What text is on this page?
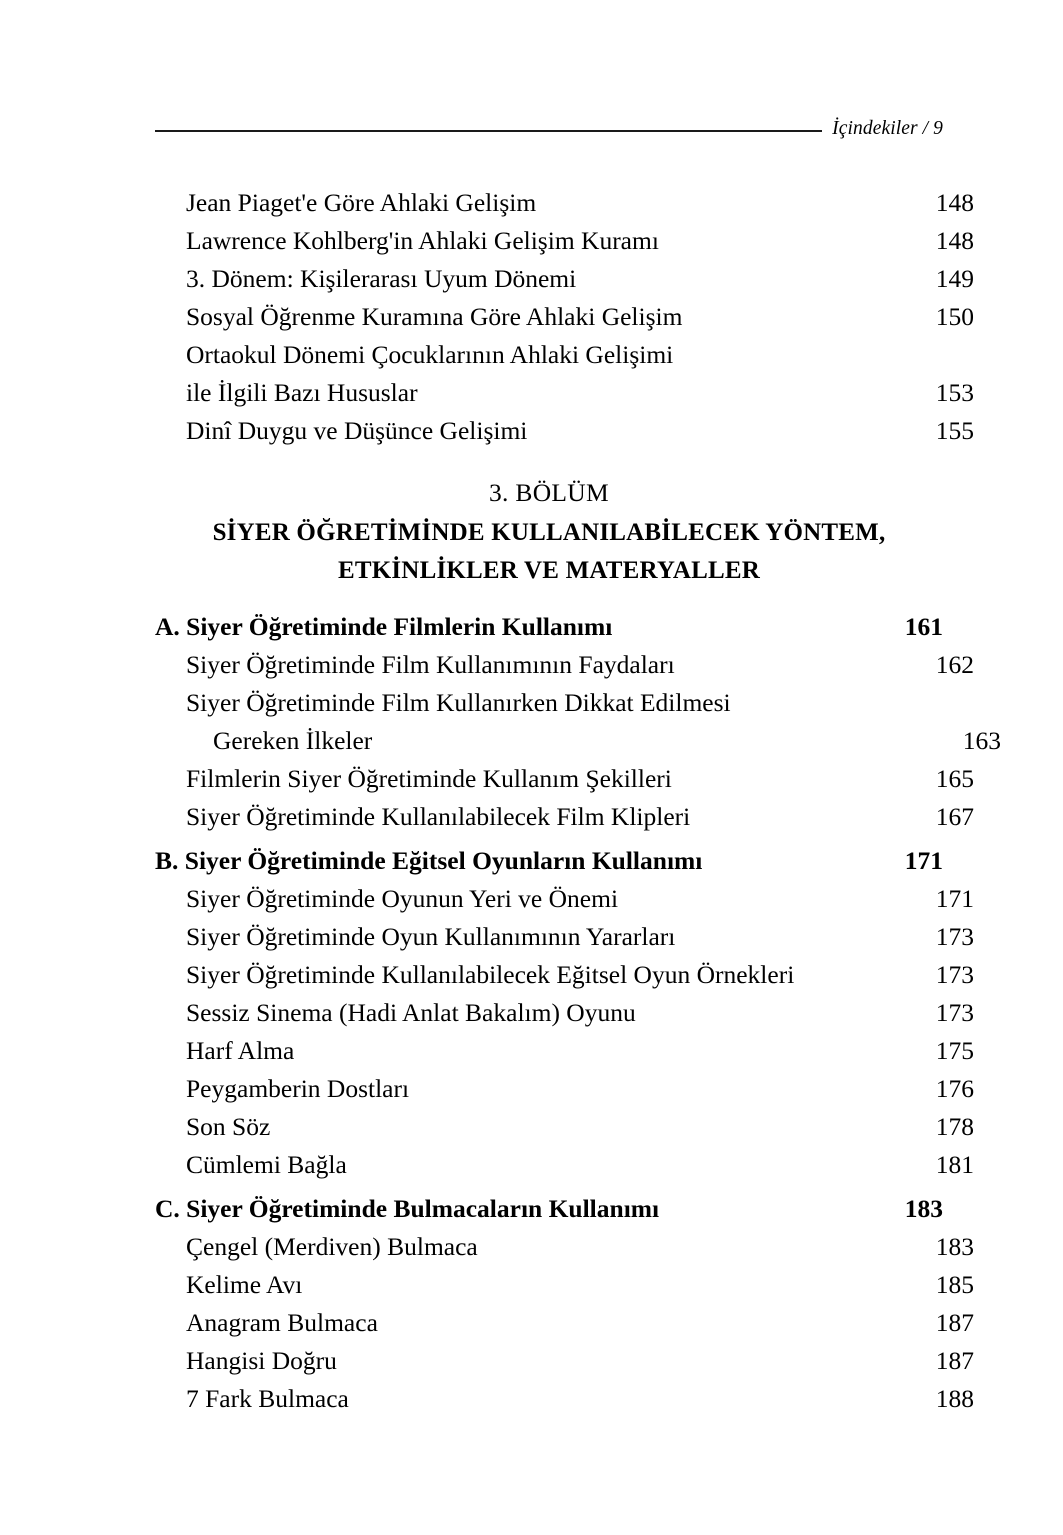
İçindekiler / 9
Jean Piaget'e Göre Ahlaki Gelişim .....	148
Lawrence Kohlberg'in Ahlaki Gelişim Kuramı .....	148
3. Dönem: Kişilerarası Uyum Dönemi .....	149
Sosyal Öğrenme Kuramına Göre Ahlaki Gelişim .....	150
Ortaokul Dönemi Çocuklarının Ahlaki Gelişimi
ile İlgili Bazı Hususlar .....	153
Dinî Duygu ve Düşünce Gelişimi .....	155
3. BÖLÜM
SİYER ÖĞRETİMİNDE KULLANILABİLECEK YÖNTEM,
ETKİNLİKLER VE MATERYALLER
A. Siyer Öğretiminde Filmlerin Kullanımı .....	161
Siyer Öğretiminde Film Kullanımının Faydaları .....	162
Siyer Öğretiminde Film Kullanırken Dikkat Edilmesi
Gereken İlkeler .....	163
Filmlerin Siyer Öğretiminde Kullanım Şekilleri .....	165
Siyer Öğretiminde Kullanılabilecek Film Klipleri .....	167
B. Siyer Öğretiminde Eğitsel Oyunların Kullanımı .....	171
Siyer Öğretiminde Oyunun Yeri ve Önemi .....	171
Siyer Öğretiminde Oyun Kullanımının Yararları .....	173
Siyer Öğretiminde Kullanılabilecek Eğitsel Oyun Örnekleri .....	173
Sessiz Sinema (Hadi Anlat Bakalım) Oyunu .....	173
Harf Alma .....	175
Peygamberin Dostları .....	176
Son Söz .....	178
Cümlemi Bağla .....	181
C. Siyer Öğretiminde Bulmacaların Kullanımı .....	183
Çengel (Merdiven) Bulmaca .....	183
Kelime Avı .....	185
Anagram Bulmaca .....	187
Hangisi Doğru .....	187
7 Fark Bulmaca .....	188
